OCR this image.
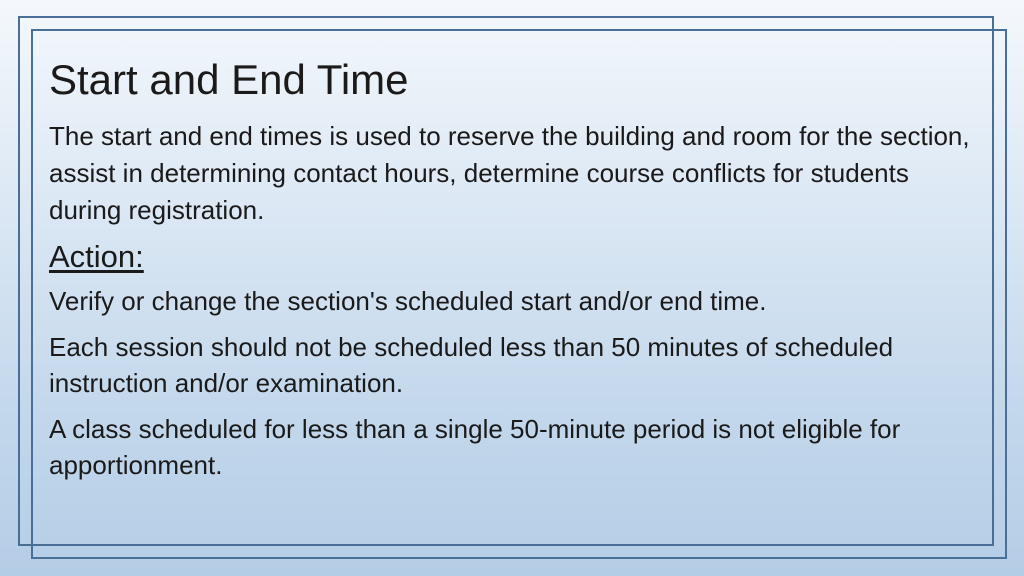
Start and End Time

The start and end times is used to reserve the building and room for the section, assist in determining contact hours, determine course conflicts for students during registration.

Action:

Verify or change the section's scheduled start and/or end time.

Each session should not be scheduled less than 50 minutes of scheduled instruction and/or examination.

A class scheduled for less than a single 50-minute period is not eligible for apportionment.
